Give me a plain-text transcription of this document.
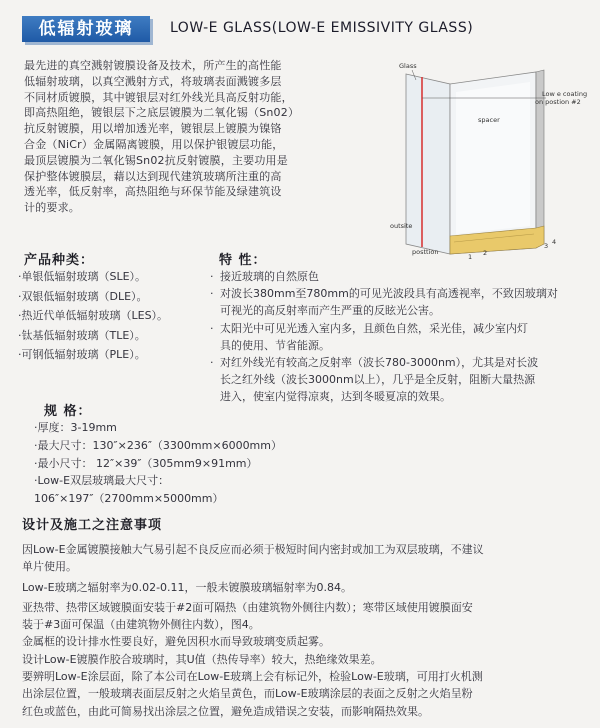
低辐射玻璃	LOW-E GLASS(LOW-E EMISSIVITY GLASS)
最先进的真空溅射镀膜设备及技术，所产生的高性能
低辐射玻璃，以真空溅射方式，将玻璃表面溅镀多层
不同材质镀膜，其中镀银层对红外线光具高反射功能，
即高热阻绝，镀银层下之底层镀膜为二氧化锡（Sn02）
抗反射镀膜，用以增加透光率，镀银层上镀膜为镍铬
合金（NiCr）金属隔离镀膜，用以保护银镀层功能，
最顶层镀膜为二氧化锡Sn02抗反射镀膜，主要功用是
保护整体镀膜层，藉以达到现代建筑玻璃所注重的高
透光率，低反射率，高热阻绝与环保节能及绿建筑设
计的要求。
Glass
Low e coating
on postion #2
spacer
outsite
posttion
1 2
3 4
产品种类：
·单银低辐射玻璃（SLE）。
·双银低辐射玻璃（DLE）。
·热近代单低辐射玻璃（LES）。
·钛基低辐射玻璃（TLE）。
·可钢低辐射玻璃（PLE）。
特 性：
· 接近玻璃的自然原色
· 对波长380mm至780mm的可见光波段具有高透视率，不致因玻璃对
可视光的高反射率而产生严重的反眩光公害。
· 太阳光中可见光透入室内多，且颜色自然，采光佳，减少室内灯
具的使用、节省能源。
· 对红外线光有较高之反射率（波长780-3000nm），尤其是对长波
长之红外线（波长3000nm以上），几乎是全反射，阻断大量热源
进入，使室内觉得凉爽，达到冬暖夏凉的效果。
规 格：
·厚度：3-19mm
·最大尺寸：130″×236″（3300mm×6000mm）
·最小尺寸： 12″×39″（305mm9×91mm）
·Low-E双层玻璃最大尺寸：
106″×197″（2700mm×5000mm）
设计及施工之注意事项
因Low-E金属镀膜接触大气易引起不良反应而必须于极短时间内密封或加工为双层玻璃，不建议
单片使用。
Low-E玻璃之辐射率为0.02-0.11，一般未镀膜玻璃辐射率为0.84。
亚热带、热带区域镀膜面安装于#2面可隔热（由建筑物外侧往内数）；寒带区域使用镀膜面安
装于#3面可保温（由建筑物外侧往内数），图4。
金属框的设计排水性要良好，避免因积水而导致玻璃变质起雾。
设计Low-E镀膜作胶合玻璃时，其U值（热传导率）较大，热绝缘效果差。
要辨明Low-E涂层面，除了本公司在Low-E玻璃上会有标记外，检验Low-E玻璃，可用打火机测
出涂层位置，一般玻璃表面层反射之火焰呈黄色，而Low-E玻璃涂层的表面之反射之火焰呈粉
红色或蓝色，由此可简易找出涂层之位置，避免造成错误之安装，而影响隔热效果。
